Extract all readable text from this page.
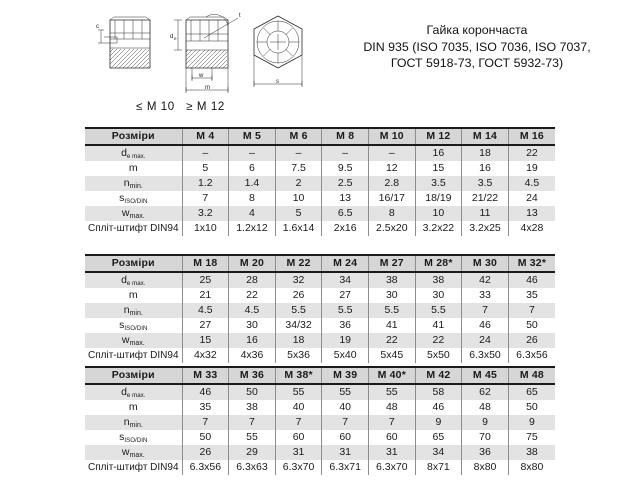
c
t
d e
w
m
s
≤ M 10   ≥ M 12
Гайка корончаста
DIN 935 (ISO 7035, ISO 7036, ISO 7037,
ГОСТ 5918-73, ГОСТ 5932-73)
Розміри	M 4	M 5	M 6	M 8	M 10	M 12	M 14	M 16
$d_{e max.}$	–	–	–	–	–	16	18	22
m	5	6	7.5	9.5	12	15	16	19
$n_{min.}$	1.2	1.4	2	2.5	2.8	3.5	3.5	4.5
$s_{ISO/DIN}$	7	8	10	13	16/17	18/19	21/22	24
$w_{max.}$	3.2	4	5	6.5	8	10	11	13
Спліт-штифт DIN94	1x10	1.2x12	1.6x14	2x16	2.5x20	3.2x22	3.2x25	4x28
Розміри	M 18	M 20	M 22	M 24	M 27	M 28*	M 30	M 32*
$d_{e max.}$	25	28	32	34	38	38	42	46
m	21	22	26	27	30	30	33	35
$n_{min.}$	4.5	4.5	5.5	5.5	5.5	5.5	7	7
$s_{ISO/DIN}$	27	30	34/32	36	41	41	46	50
$w_{max.}$	15	16	18	19	22	22	24	26
Спліт-штифт DIN94	4x32	4x36	5x36	5x40	5x45	5x50	6.3x50	6.3x56
Розміри	M 33	M 36	M 38*	M 39	M 40*	M 42	M 45	M 48
$d_{e max.}$	46	50	55	55	55	58	62	65
m	35	38	40	40	48	46	48	50
$n_{min.}$	7	7	7	7	7	9	9	9
$s_{ISO/DIN}$	50	55	60	60	60	65	70	75
$w_{max.}$	26	29	31	31	31	34	36	38
Спліт-штифт DIN94	6.3x56	6.3x63	6.3x70	6.3x71	6.3x70	8x71	8x80	8x80
